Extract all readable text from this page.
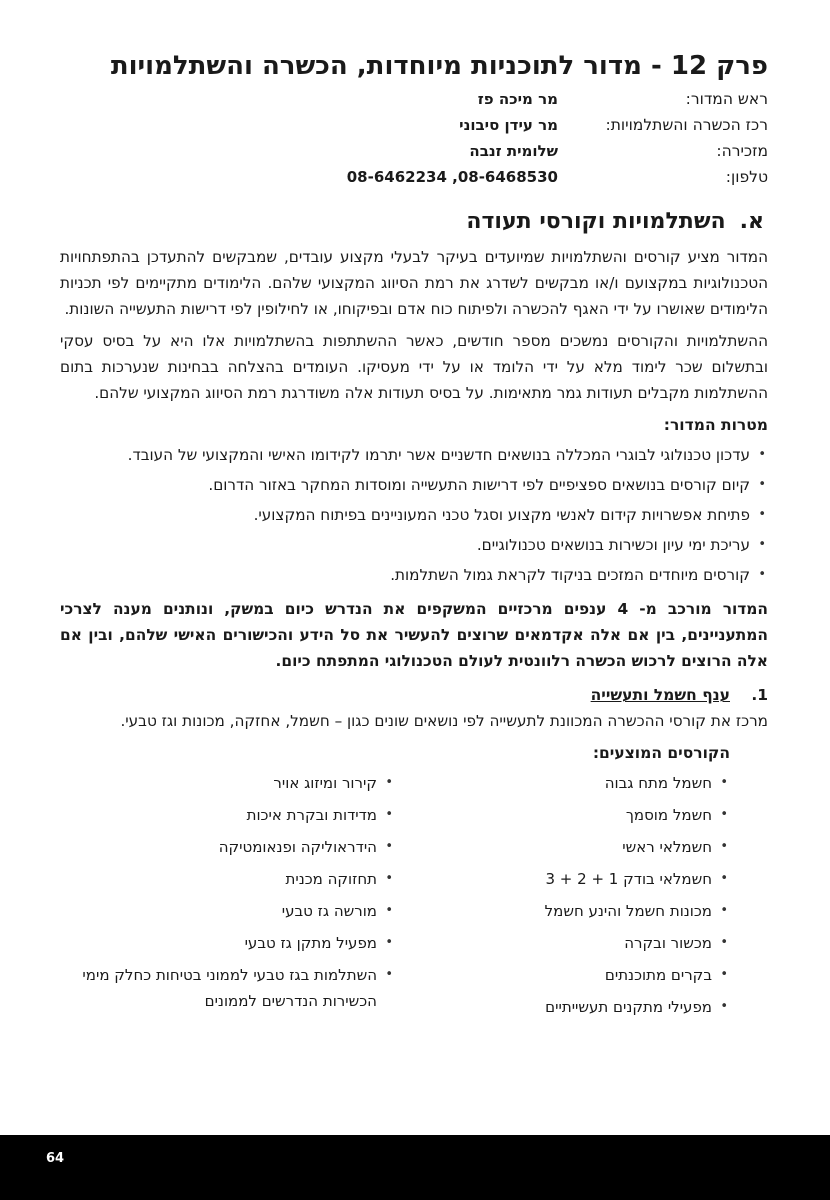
פרק 12 - מדור לתוכניות מיוחדות, הכשרה והשתלמויות
ראש המדור:
מר מיכה פז
רכז הכשרה והשתלמויות:
מר עידן סיבוני
מזכירה:
שלומית זנבה
טלפון:
08-6462234 ,08-6468530
א.השתלמויות וקורסי תעודה

המדור מציע קורסים והשתלמויות שמיועדים בעיקר לבעלי מקצוע עובדים, שמבקשים להתעדכן בהתפתחויות הטכנולוגיות במקצועם ו/או מבקשים לשדרג את רמת הסיווג המקצועי שלהם. הלימודים מתקיימים לפי תכניות הלימודים שאושרו על ידי האגף להכשרה ולפיתוח כוח אדם ובפיקוחו, או לחילופין לפי דרישות התעשייה השונות.

ההשתלמויות והקורסים נמשכים מספר חודשים, כאשר ההשתתפות בהשתלמויות אלו היא על בסיס עסקי ובתשלום שכר לימוד מלא על ידי הלומד או על ידי מעסיקו. העומדים בהצלחה בבחינות שנערכות בתום ההשתלמות מקבלים תעודות גמר מתאימות. על בסיס תעודות אלה משודרגת רמת הסיווג המקצועי שלהם.

מטרות המדור:
• עדכון טכנולוגי לבוגרי המכללה בנושאים חדשניים אשר יתרמו לקידומו האישי והמקצועי של העובד.
• קיום קורסים בנושאים ספציפיים לפי דרישות התעשייה ומוסדות המחקר באזור הדרום.
• פתיחת אפשרויות קידום לאנשי מקצוע וסגל טכני המעוניינים בפיתוח המקצועי.
• עריכת ימי עיון וכשירות בנושאים טכנולוגיים.
• קורסים מיוחדים המזכים בניקוד לקראת גמול השתלמות.

המדור מורכב מ- 4 ענפים מרכזיים המשקפים את הנדרש כיום במשק, ונותנים מענה לצרכי המתעניינים, בין אם אלה אקדמאים שרוצים להעשיר את סל הידע והכישורים האישי שלהם, ובין אם אלה הרוצים לרכוש הכשרה רלוונטית לעולם הטכנולוגי המתפתח כיום.

1.
ענף חשמל ותעשייה

מרכז את קורסי ההכשרה המכוונת לתעשייה לפי נושאים שונים כגון – חשמל, אחזקה, מכונות וגז טבעי.

הקורסים המוצעים:
• חשמל מתח גבוה
• חשמל מוסמך
• חשמלאי ראשי
• חשמלאי בודק 1 + 2 + 3
• מכונות חשמל והינע חשמל
• מכשור ובקרה
• בקרים מתוכנתים
• מפעילי מתקנים תעשייתיים
• קירור ומיזוג אויר
• מדידות ובקרת איכות
• הידראוליקה ופנאומטיקה
• תחזוקה מכנית
• מורשה גז טבעי
• מפעיל מתקן גז טבעי
• השתלמות בגז טבעי לממוני בטיחות כחלק מימי הכשירות הנדרשים לממונים
64
